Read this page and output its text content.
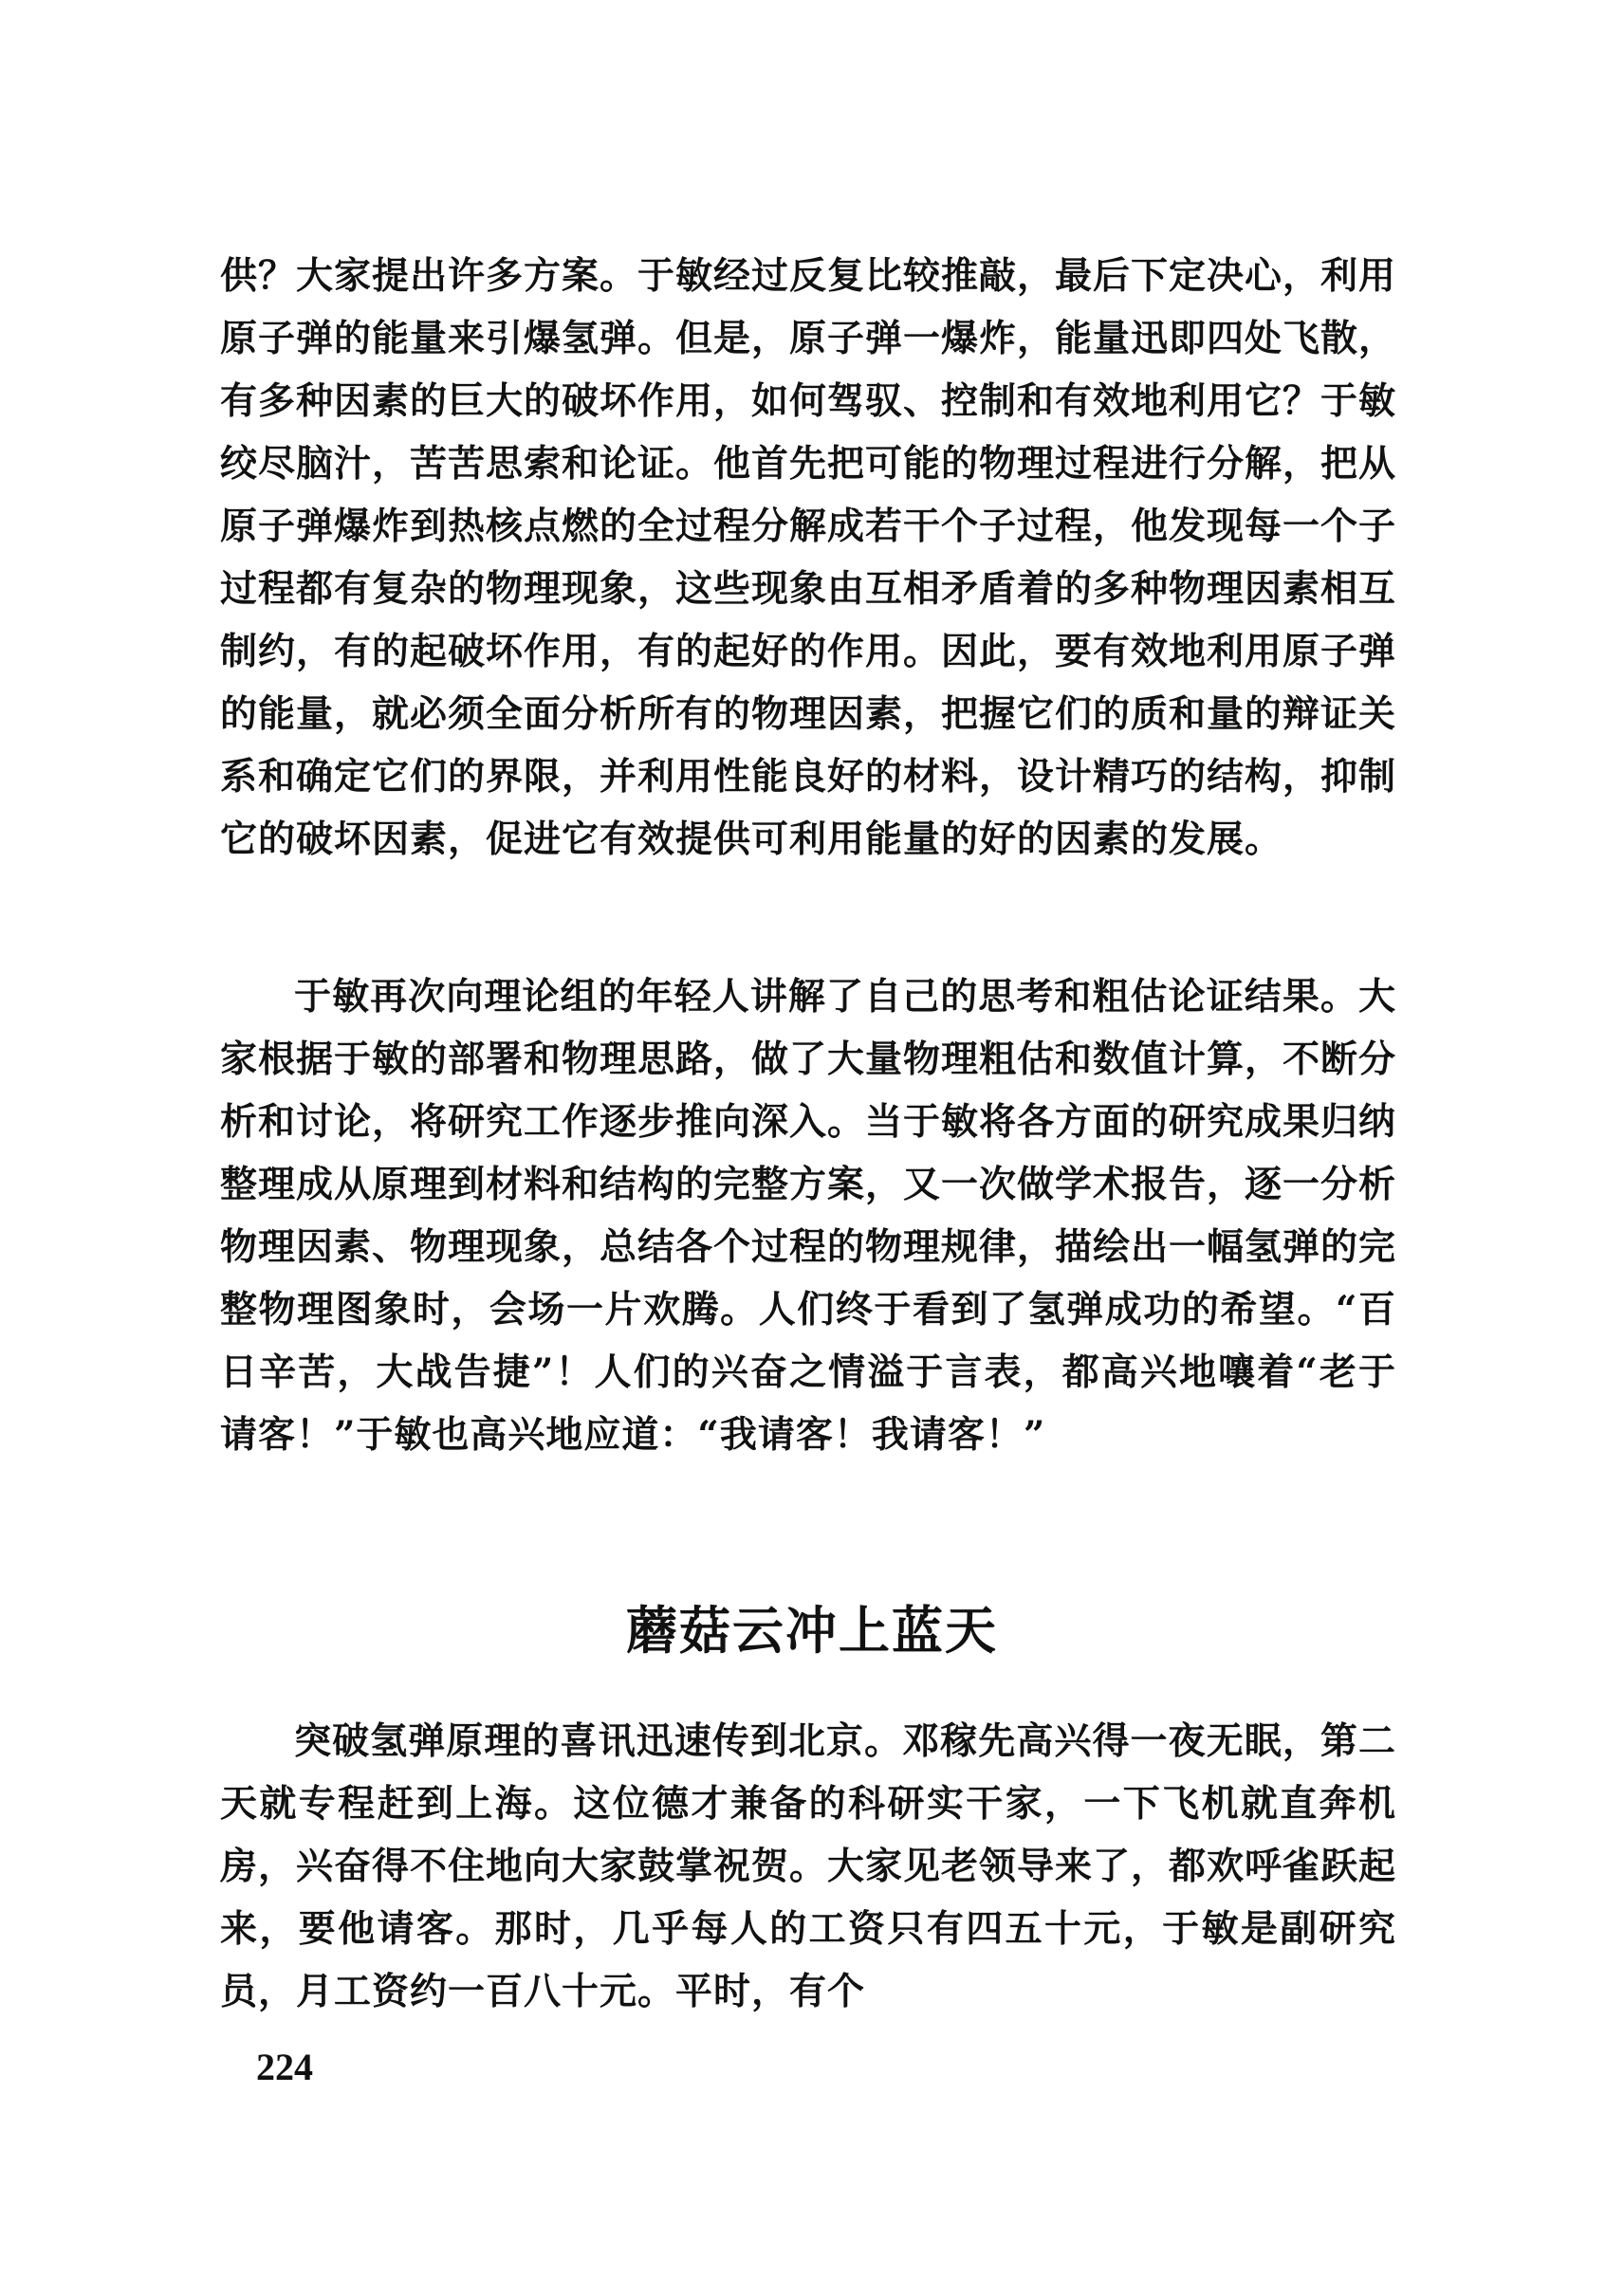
供？大家提出许多方案。于敏经过反复比较推敲，最后下定决心，利用原子弹的能量来引爆氢弹。但是，原子弹一爆炸，能量迅即四处飞散，有多种因素的巨大的破坏作用，如何驾驭、控制和有效地利用它？于敏绞尽脑汁，苦苦思索和论证。他首先把可能的物理过程进行分解，把从原子弹爆炸到热核点燃的全过程分解成若干个子过程，他发现每一个子过程都有复杂的物理现象，这些现象由互相矛盾着的多种物理因素相互制约，有的起破坏作用，有的起好的作用。因此，要有效地利用原子弹的能量，就必须全面分析所有的物理因素，把握它们的质和量的辩证关系和确定它们的界限，并利用性能良好的材料，设计精巧的结构，抑制它的破坏因素，促进它有效提供可利用能量的好的因素的发展。

于敏再次向理论组的年轻人讲解了自己的思考和粗估论证结果。大家根据于敏的部署和物理思路，做了大量物理粗估和数值计算，不断分析和讨论，将研究工作逐步推向深入。当于敏将各方面的研究成果归纳整理成从原理到材料和结构的完整方案，又一次做学术报告，逐一分析物理因素、物理现象，总结各个过程的物理规律，描绘出一幅氢弹的完整物理图象时，会场一片欢腾。人们终于看到了氢弹成功的希望。“百日辛苦，大战告捷”！人们的兴奋之情溢于言表，都高兴地嚷着“老于请客！”于敏也高兴地应道：“我请客！我请客！”

蘑菇云冲上蓝天

突破氢弹原理的喜讯迅速传到北京。邓稼先高兴得一夜无眠，第二天就专程赶到上海。这位德才兼备的科研实干家，一下飞机就直奔机房，兴奋得不住地向大家鼓掌祝贺。大家见老领导来了，都欢呼雀跃起来，要他请客。那时，几乎每人的工资只有四五十元，于敏是副研究员，月工资约一百八十元。平时，有个

224
